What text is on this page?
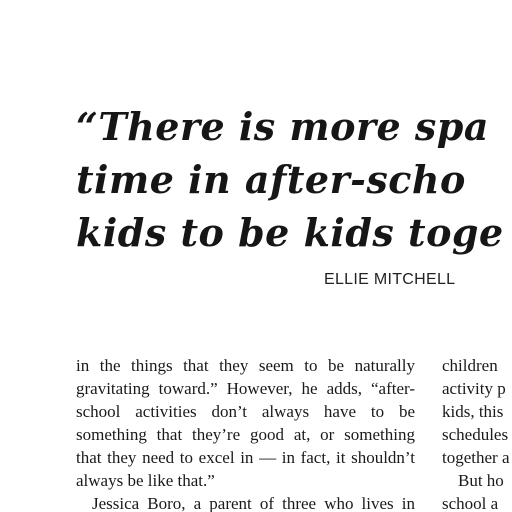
“There is more spa
time in after-scho
kids to be kids toge
ELLIE MITCHELL
in the things that they seem to be naturally
gravitating toward.” However, he adds, “after-
school activities don’t always have to be
something that they’re good at, or something
that they need to excel in — in fact, it shouldn’t
always be like that.”
Jessica Boro, a parent of three who lives in
children
activity p
kids, this
schedules
together a
But ho
school a
